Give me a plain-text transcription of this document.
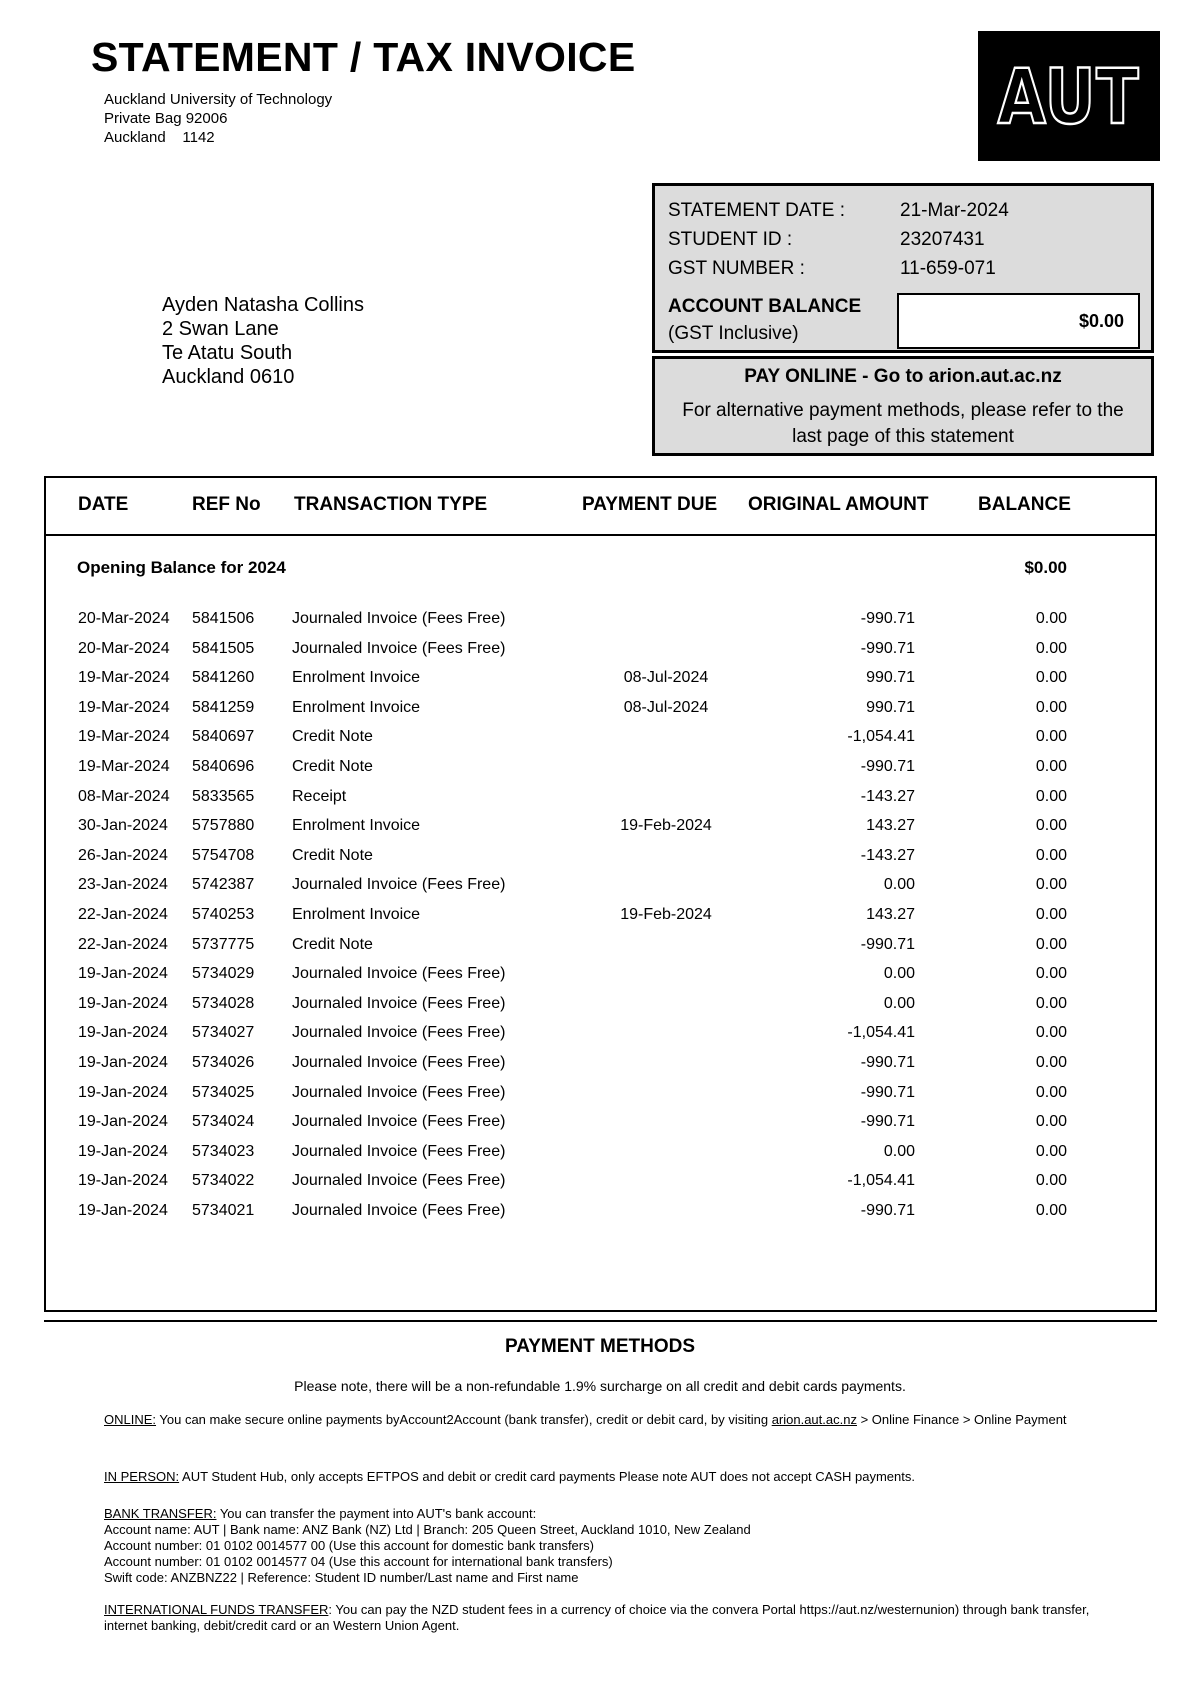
STATEMENT / TAX INVOICE
Auckland University of Technology
Private Bag 92006
Auckland    1142	AUT
Ayden Natasha Collins
2 Swan Lane
Te Atatu South
Auckland 0610
STATEMENT DATE :	21-Mar-2024
STUDENT ID :	23207431
GST NUMBER :	11-659-071
ACCOUNT BALANCE
(GST Inclusive)
$0.00
PAY ONLINE - Go to arion.aut.ac.nz
For alternative payment methods, please refer to the last page of this statement
DATE	REF No TRANSACTION TYPE	PAYMENT DUE ORIGINAL AMOUNT	BALANCE
Opening Balance for 2024	$0.00
20-Mar-2024 5841506 Journaled Invoice (Fees Free)	-990.71	0.00
20-Mar-2024 5841505 Journaled Invoice (Fees Free)	-990.71	0.00
19-Mar-2024 5841260 Enrolment Invoice	08-Jul-2024	990.71	0.00
19-Mar-2024 5841259 Enrolment Invoice	08-Jul-2024	990.71	0.00
19-Mar-2024 5840697 Credit Note	-1,054.41	0.00
19-Mar-2024 5840696 Credit Note	-990.71	0.00
08-Mar-2024 5833565 Receipt	-143.27	0.00
30-Jan-2024 5757880 Enrolment Invoice	19-Feb-2024	143.27	0.00
26-Jan-2024 5754708 Credit Note	-143.27	0.00
23-Jan-2024 5742387 Journaled Invoice (Fees Free)	0.00	0.00
22-Jan-2024 5740253 Enrolment Invoice	19-Feb-2024	143.27	0.00
22-Jan-2024 5737775 Credit Note	-990.71	0.00
19-Jan-2024 5734029 Journaled Invoice (Fees Free)	0.00	0.00
19-Jan-2024 5734028 Journaled Invoice (Fees Free)	0.00	0.00
19-Jan-2024 5734027 Journaled Invoice (Fees Free)	-1,054.41	0.00
19-Jan-2024 5734026 Journaled Invoice (Fees Free)	-990.71	0.00
19-Jan-2024 5734025 Journaled Invoice (Fees Free)	-990.71	0.00
19-Jan-2024 5734024 Journaled Invoice (Fees Free)	-990.71	0.00
19-Jan-2024 5734023 Journaled Invoice (Fees Free)	0.00	0.00
19-Jan-2024 5734022 Journaled Invoice (Fees Free)	-1,054.41	0.00
19-Jan-2024 5734021 Journaled Invoice (Fees Free)	-990.71	0.00
PAYMENT METHODS
Please note, there will be a non-refundable 1.9% surcharge on all credit and debit cards payments.
ONLINE: You can make secure online payments byAccount2Account (bank transfer), credit or debit card, by visiting arion.aut.ac.nz > Online Finance > Online Payment
IN PERSON: AUT Student Hub, only accepts EFTPOS and debit or credit card payments Please note AUT does not accept CASH payments.
BANK TRANSFER: You can transfer the payment into AUT's bank account:
Account name: AUT | Bank name: ANZ Bank (NZ) Ltd | Branch: 205 Queen Street, Auckland 1010, New Zealand
Account number: 01 0102 0014577 00 (Use this account for domestic bank transfers)
Account number: 01 0102 0014577 04 (Use this account for international bank transfers)
Swift code: ANZBNZ22 | Reference: Student ID number/Last name and First name
INTERNATIONAL FUNDS TRANSFER: You can pay the NZD student fees in a currency of choice via the convera Portal https://aut.nz/westernunion) through bank transfer, internet banking, debit/credit card or an Western Union Agent.
